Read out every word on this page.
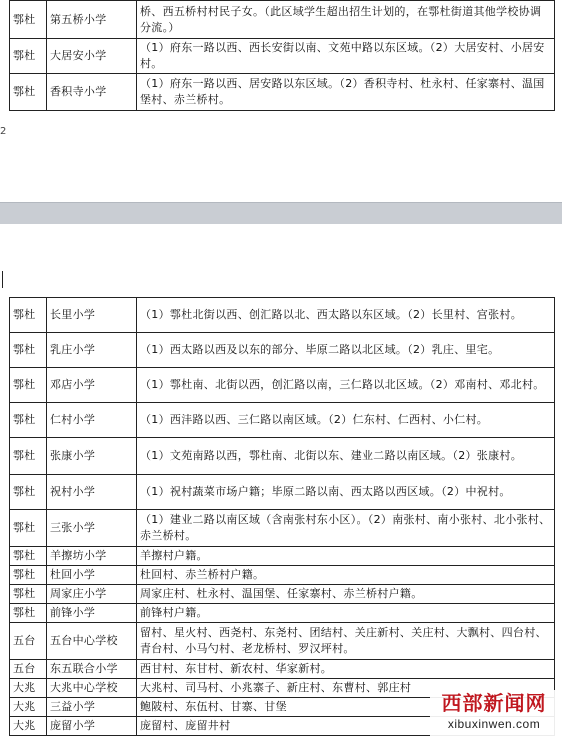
2
鄠杜	第五桥小学	桥、西五桥村村民子女。（此区域学生超出招生计划的，在鄠杜街道其他学校协调分流。）
鄠杜	大居安小学	（1）府东一路以西、西长安街以南、文苑中路以东区域。（2）大居安村、小居安村。
鄠杜	香积寺小学	（1）府东一路以西、居安路以东区域。（2）香积寺村、杜永村、任家寨村、温国堡村、赤兰桥村。
鄠杜	长里小学	（1）鄠杜北街以西、创汇路以北、西太路以东区域。（2）长里村、宫张村。
鄠杜	乳庄小学	（1）西太路以西及以东的部分、毕原二路以北区域。（2）乳庄、里宅。
鄠杜	邓店小学	（1）鄠杜南、北街以西，创汇路以南，三仁路以北区域。（2）邓南村、邓北村。
鄠杜	仁村小学	（1）西沣路以西、三仁路以南区域。（2）仁东村、仁西村、小仁村。
鄠杜	张康小学	（1）文苑南路以西，鄠杜南、北街以东、建业二路以南区域。（2）张康村。
鄠杜	祝村小学	（1）祝村蔬菜市场户籍；毕原二路以南、西太路以西区域。（2）中祝村。
鄠杜	三张小学	（1）建业二路以南区域（含南张村东小区）。（2）南张村、南小张村、北小张村、赤兰桥村。
鄠杜	羊擦坊小学	羊擦村户籍。
鄠杜	杜回小学	杜回村、赤兰桥村户籍。
鄠杜	周家庄小学	周家庄村、杜永村、温国堡、任家寨村、赤兰桥村户籍。
鄠杜	前锋小学	前锋村户籍。
五台	五台中心学校	留村、星火村、西尧村、东尧村、团结村、关庄新村、关庄村、大飘村、四台村、青台村、小马勺村、老龙桥村、罗汉坪村。
五台	东五联合小学	西甘村、东甘村、新农村、华家新村。
大兆	大兆中心学校	大兆村、司马村、小兆寨子、新庄村、东曹村、郭庄村
大兆	三益小学	鲍陂村、东伍村、甘寨、甘堡
大兆	庞留小学	庞留村、庞留井村
西部新闻网
xibuxinwen.com
